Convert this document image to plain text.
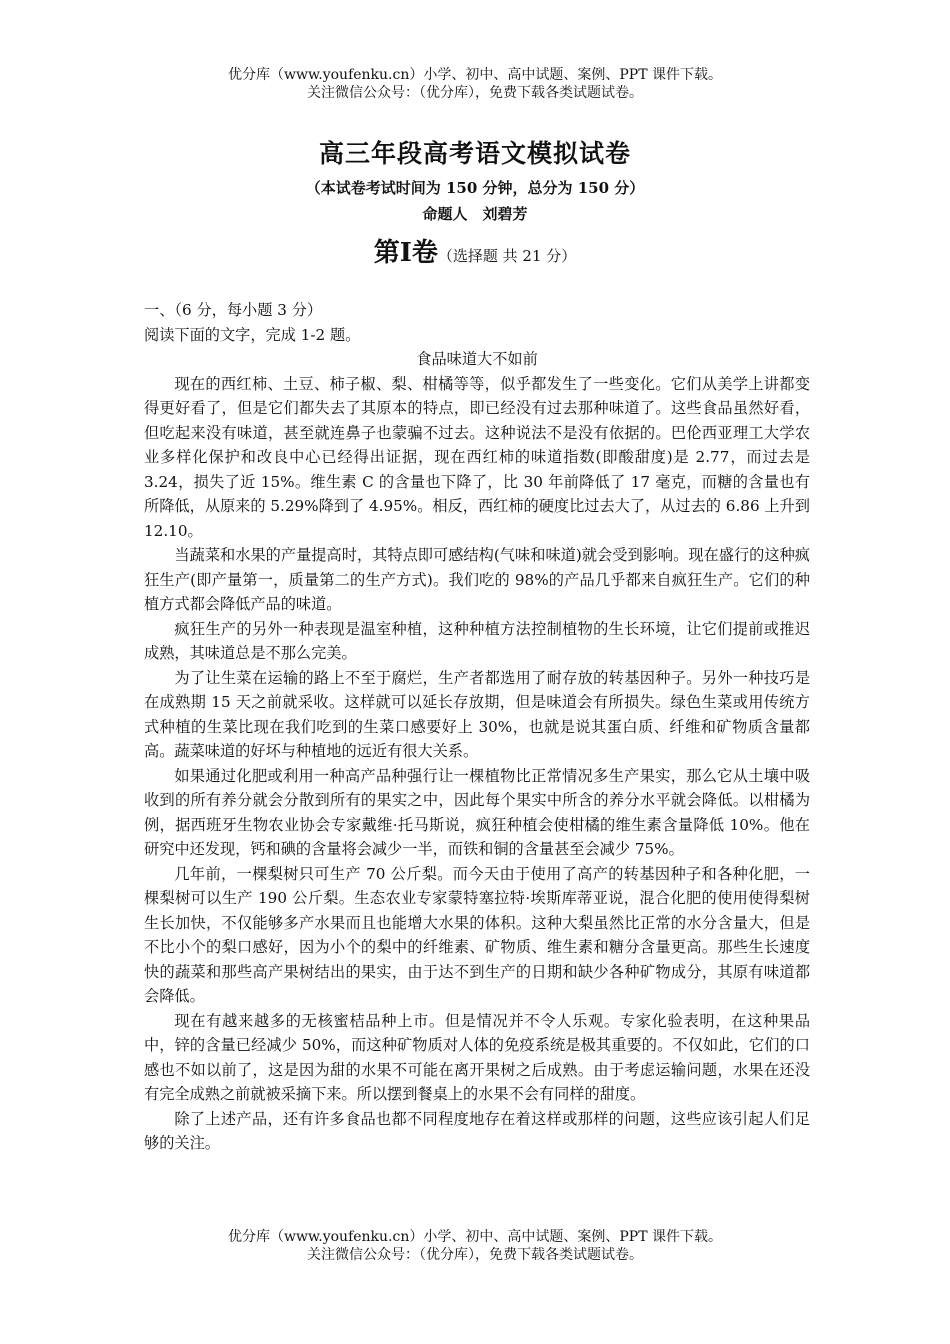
优分库（www.youfenku.cn）小学、初中、高中试题、案例、PPT 课件下载。
关注微信公众号：（优分库），免费下载各类试题试卷。
高三年段高考语文模拟试卷
（本试卷考试时间为 150 分钟，总分为 150 分）
命题人　刘碧芳
第Ⅰ卷（选择题 共 21 分）

一、（6 分，每小题 3 分）

阅读下面的文字，完成 1-2 题。

食品味道大不如前

现在的西红柿、土豆、柿子椒、梨、柑橘等等，似乎都发生了一些变化。它们从美学上讲都变得更好看了，但是它们都失去了其原本的特点，即已经没有过去那种味道了。这些食品虽然好看，但吃起来没有味道，甚至就连鼻子也蒙骗不过去。这种说法不是没有依据的。巴伦西亚理工大学农业多样化保护和改良中心已经得出证据，现在西红柿的味道指数(即酸甜度)是 2.77，而过去是 3.24，损失了近 15%。维生素 C 的含量也下降了，比 30 年前降低了 17 毫克，而糖的含量也有所降低，从原来的 5.29%降到了 4.95%。相反，西红柿的硬度比过去大了，从过去的 6.86 上升到 12.10。

当蔬菜和水果的产量提高时，其特点即可感结构(气味和味道)就会受到影响。现在盛行的这种疯狂生产(即产量第一，质量第二的生产方式)。我们吃的 98%的产品几乎都来自疯狂生产。它们的种植方式都会降低产品的味道。

疯狂生产的另外一种表现是温室种植，这种种植方法控制植物的生长环境，让它们提前或推迟成熟，其味道总是不那么完美。

为了让生菜在运输的路上不至于腐烂，生产者都选用了耐存放的转基因种子。另外一种技巧是在成熟期 15 天之前就采收。这样就可以延长存放期，但是味道会有所损失。绿色生菜或用传统方式种植的生菜比现在我们吃到的生菜口感要好上 30%，也就是说其蛋白质、纤维和矿物质含量都高。蔬菜味道的好坏与种植地的远近有很大关系。

如果通过化肥或利用一种高产品种强行让一棵植物比正常情况多生产果实，那么它从土壤中吸收到的所有养分就会分散到所有的果实之中，因此每个果实中所含的养分水平就会降低。以柑橘为例，据西班牙生物农业协会专家戴维·托马斯说，疯狂种植会使柑橘的维生素含量降低 10%。他在研究中还发现，钙和碘的含量将会减少一半，而铁和铜的含量甚至会减少 75%。

几年前，一棵梨树只可生产 70 公斤梨。而今天由于使用了高产的转基因种子和各种化肥，一棵梨树可以生产 190 公斤梨。生态农业专家蒙特塞拉特·埃斯库蒂亚说，混合化肥的使用使得梨树生长加快，不仅能够多产水果而且也能增大水果的体积。这种大梨虽然比正常的水分含量大，但是不比小个的梨口感好，因为小个的梨中的纤维素、矿物质、维生素和糖分含量更高。那些生长速度快的蔬菜和那些高产果树结出的果实，由于达不到生产的日期和缺少各种矿物成分，其原有味道都会降低。

现在有越来越多的无核蜜桔品种上市。但是情况并不令人乐观。专家化验表明，在这种果品中，锌的含量已经减少 50%，而这种矿物质对人体的免疫系统是极其重要的。不仅如此，它们的口感也不如以前了，这是因为甜的水果不可能在离开果树之后成熟。由于考虑运输问题，水果在还没有完全成熟之前就被采摘下来。所以摆到餐桌上的水果不会有同样的甜度。

除了上述产品，还有许多食品也都不同程度地存在着这样或那样的问题，这些应该引起人们足够的关注。

优分库（www.youfenku.cn）小学、初中、高中试题、案例、PPT 课件下载。
关注微信公众号：（优分库），免费下载各类试题试卷。
